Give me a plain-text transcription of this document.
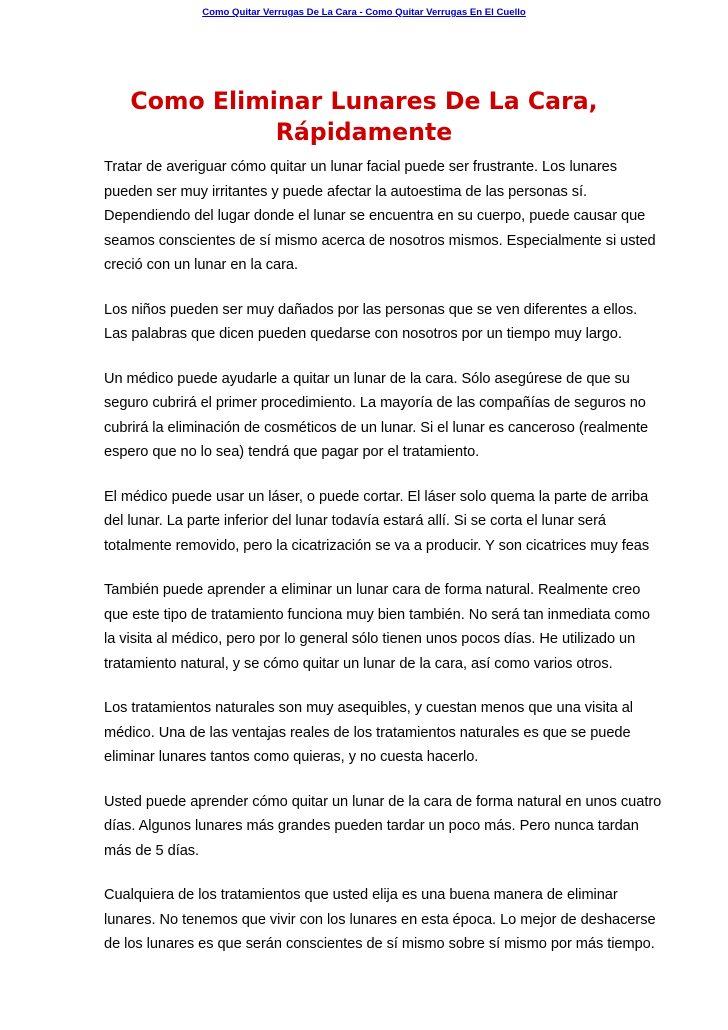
Como Quitar Verrugas De La Cara - Como Quitar Verrugas En El Cuello
Como Eliminar Lunares De La Cara,
Rápidamente

Tratar de averiguar cómo quitar un lunar facial puede ser frustrante. Los lunares
pueden ser muy irritantes y puede afectar la autoestima de las personas sí.
Dependiendo del lugar donde el lunar se encuentra en su cuerpo, puede causar que
seamos conscientes de sí mismo acerca de nosotros mismos. Especialmente si usted
creció con un lunar en la cara.

Los niños pueden ser muy dañados por las personas que se ven diferentes a ellos.
Las palabras que dicen pueden quedarse con nosotros por un tiempo muy largo.

Un médico puede ayudarle a quitar un lunar de la cara. Sólo asegúrese de que su
seguro cubrirá el primer procedimiento. La mayoría de las compañías de seguros no
cubrirá la eliminación de cosméticos de un lunar. Si el lunar es canceroso (realmente
espero que no lo sea) tendrá que pagar por el tratamiento.

El médico puede usar un láser, o puede cortar. El láser solo quema la parte de arriba
del lunar. La parte inferior del lunar todavía estará allí. Si se corta el lunar será
totalmente removido, pero la cicatrización se va a producir. Y son cicatrices muy feas

También puede aprender a eliminar un lunar cara de forma natural. Realmente creo
que este tipo de tratamiento funciona muy bien también. No será tan inmediata como
la visita al médico, pero por lo general sólo tienen unos pocos días. He utilizado un
tratamiento natural, y se cómo quitar un lunar de la cara, así como varios otros.

Los tratamientos naturales son muy asequibles, y cuestan menos que una visita al
médico. Una de las ventajas reales de los tratamientos naturales es que se puede
eliminar lunares tantos como quieras, y no cuesta hacerlo.

Usted puede aprender cómo quitar un lunar de la cara de forma natural en unos cuatro
días. Algunos lunares más grandes pueden tardar un poco más. Pero nunca tardan
más de 5 días.

Cualquiera de los tratamientos que usted elija es una buena manera de eliminar
lunares. No tenemos que vivir con los lunares en esta época. Lo mejor de deshacerse
de los lunares es que serán conscientes de sí mismo sobre sí mismo por más tiempo.
